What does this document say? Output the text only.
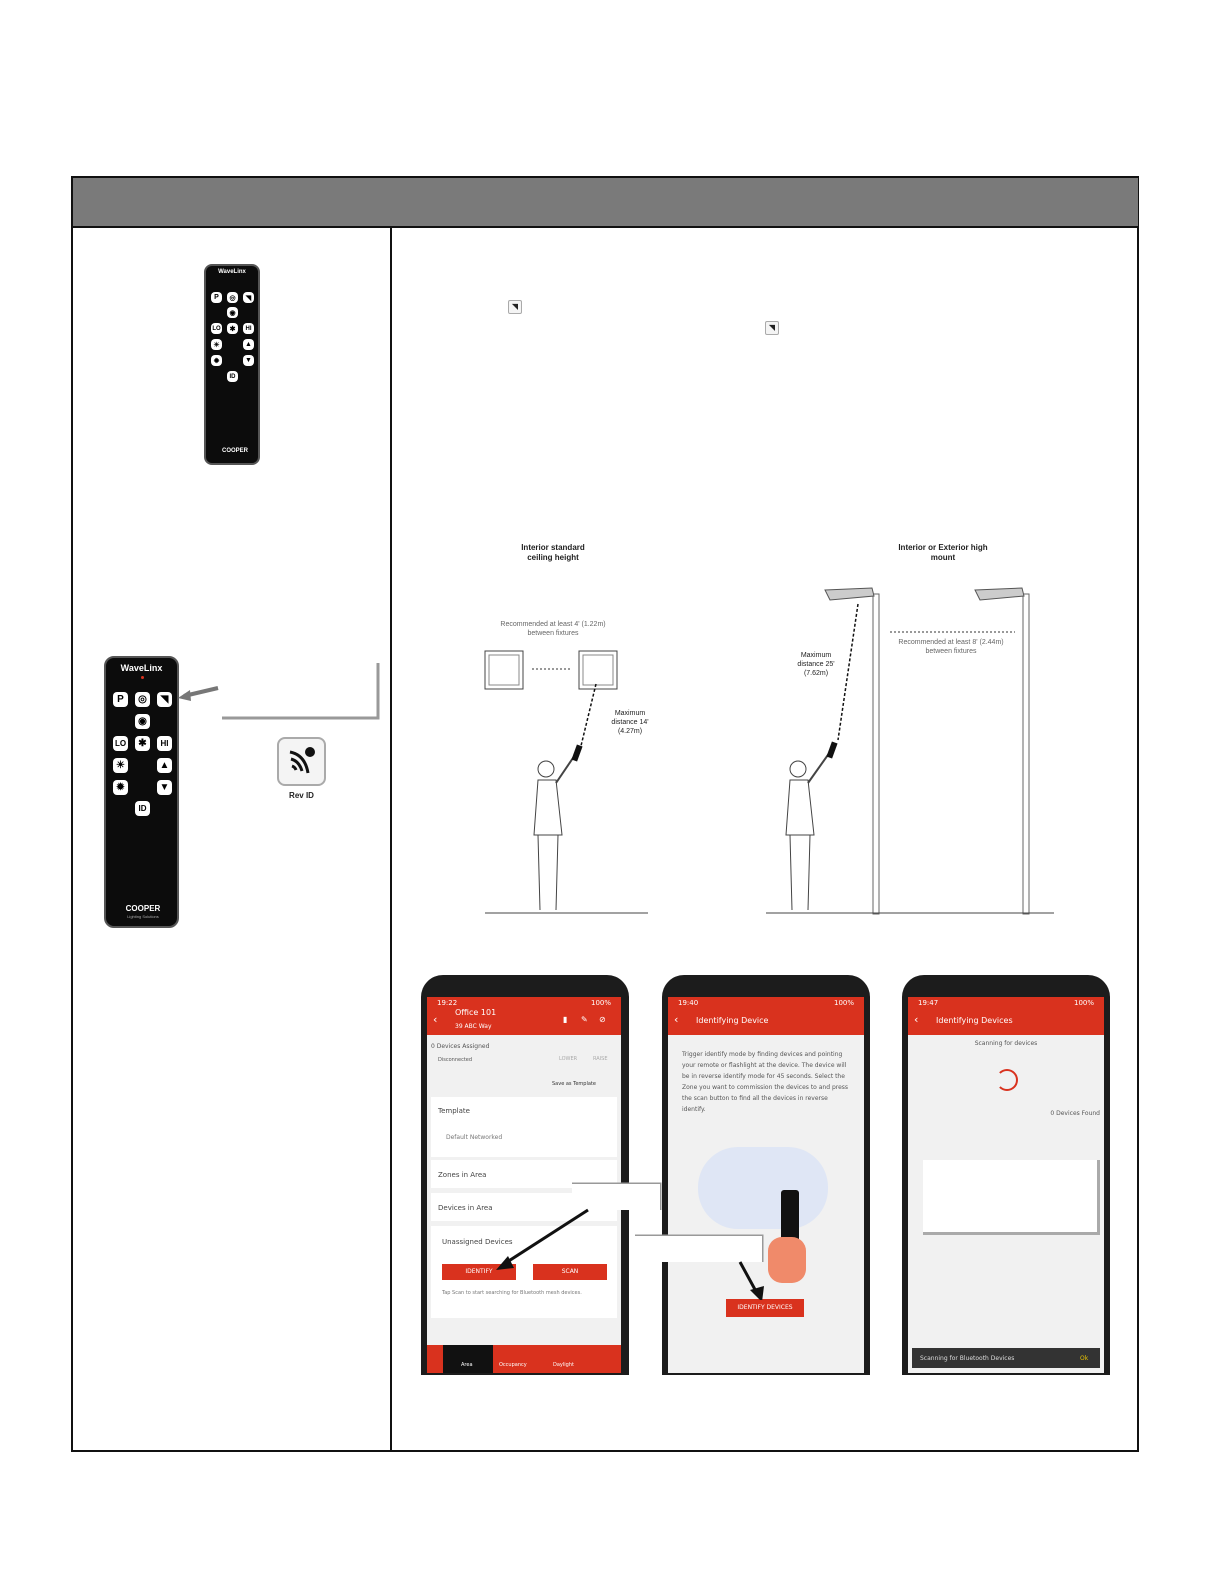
WaveLinx
P	◎	◥
◉
LO	✱	HI
☀	▲
✹	▼
ID
COOPER
WaveLinx
P	◎	◥
◉
LO	✱	HI
☀	▲
✹	▼
ID
COOPER
Lighting Solutions
Rev ID
◥
◥
Interior standard ceiling height
Recommended at least 4' (1.22m) between fixtures
Maximum distance 14' (4.27m)
Interior or Exterior high mount
Recommended at least 8' (2.44m) between fixtures
Maximum distance 25' (7.62m)
19:22	100%
‹
Office 101
39 ABC Way
▮ ✎ ⊘
0 Devices Assigned
Disconnected	LOWER	RAISE
Save as Template
Template
Default Networked
Zones in Area
Devices in Area
Unassigned Devices
IDENTIFY	SCAN
Tap Scan to start searching for Bluetooth mesh devices.
Area	Occupancy	Daylight
19:40	100%
‹ Identifying Device
Trigger identify mode by finding devices and pointing your remote or flashlight at the device. The device will be in reverse identify mode for 45 seconds. Select the Zone you want to commission the devices to and press the scan button to find all the devices in reverse identify.
IDENTIFY DEVICES
19:47	100%
‹ Identifying Devices
Scanning for devices
0 Devices Found
Scanning for Bluetooth Devices	Ok
